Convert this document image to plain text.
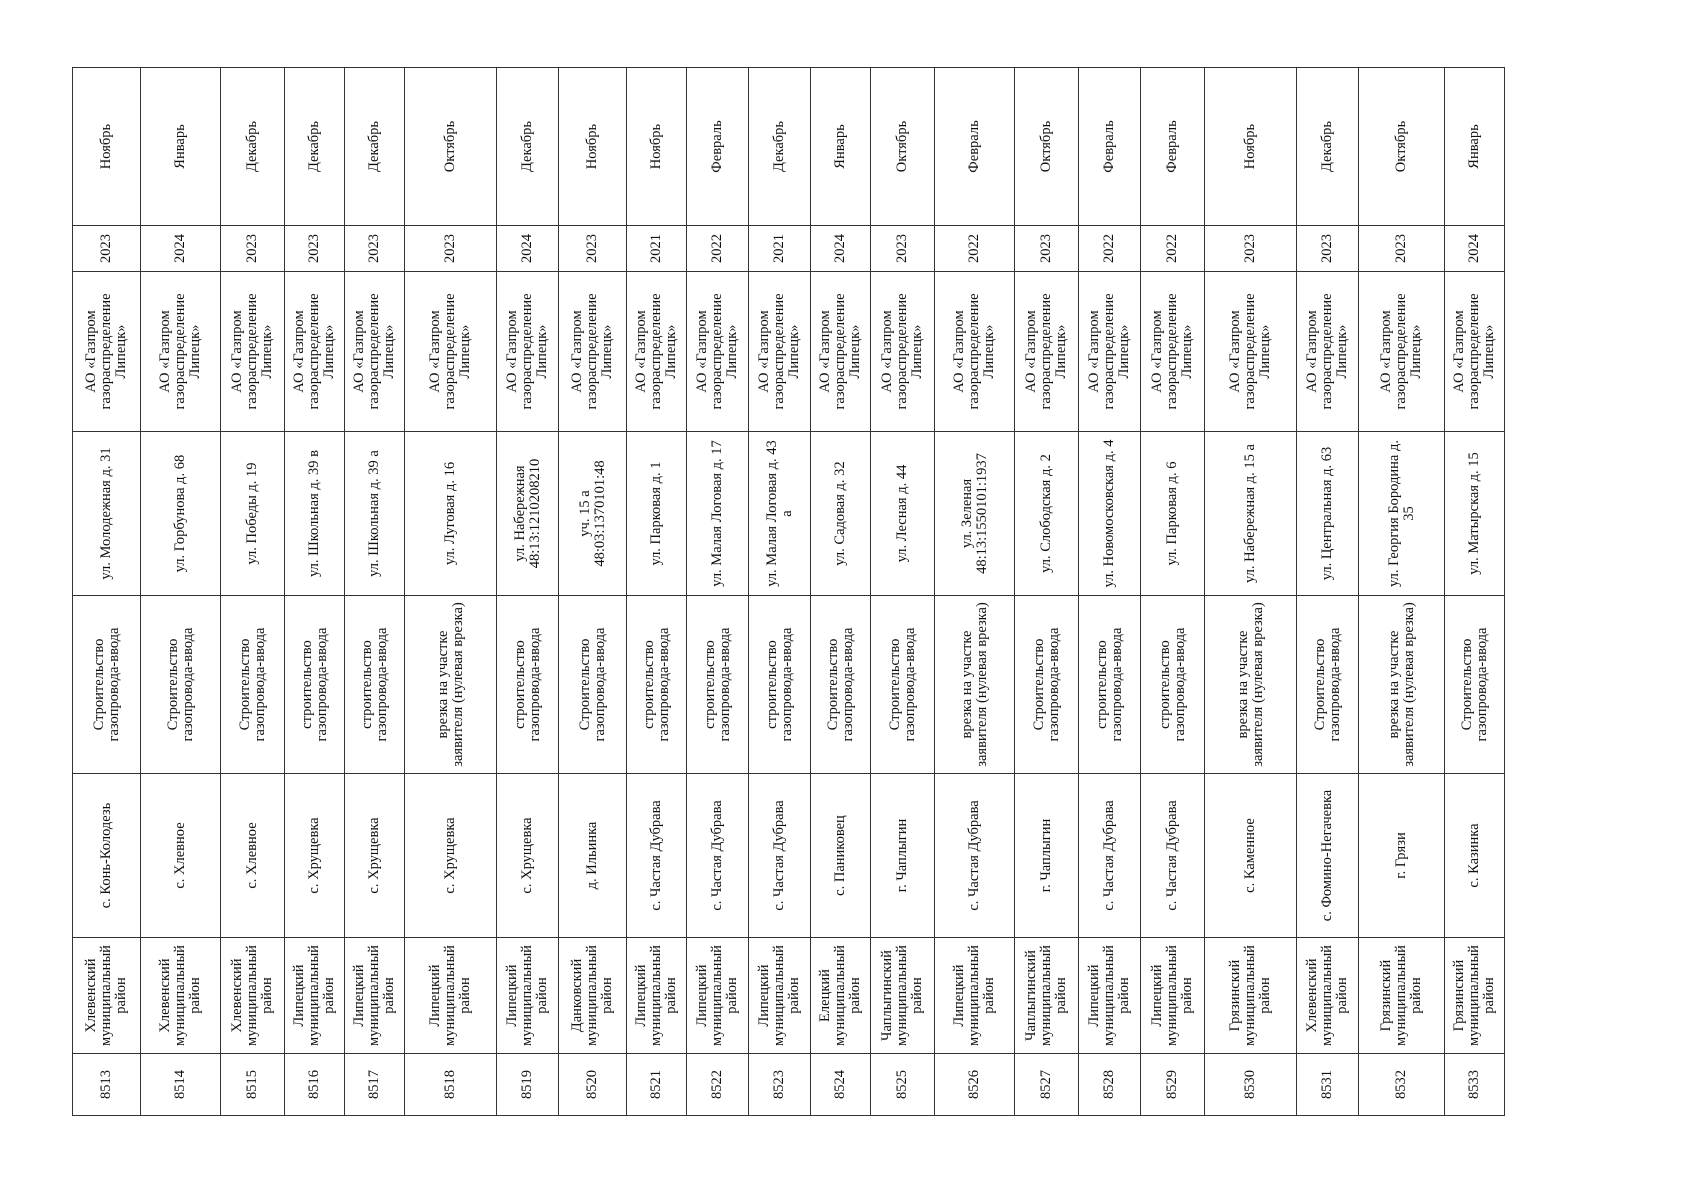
8513	Хлевенский муниципальный район	с. Конь-Колодезь	Строительство газопровода-ввода	ул. Молодежная д. 31	АО «Газпром газораспределение Липецк»	2023	Ноябрь
8514	Хлевенский муниципальный район	с. Хлевное	Строительство газопровода-ввода	ул. Горбунова д. 68	АО «Газпром газораспределение Липецк»	2024	Январь
8515	Хлевенский муниципальный район	с. Хлевное	Строительство газопровода-ввода	ул. Победы д. 19	АО «Газпром газораспределение Липецк»	2023	Декабрь
8516	Липецкий муниципальный район	с. Хрущевка	строительство газопровода-ввода	ул. Школьная д. 39 в	АО «Газпром газораспределение Липецк»	2023	Декабрь
8517	Липецкий муниципальный район	с. Хрущевка	строительство газопровода-ввода	ул. Школьная д. 39 а	АО «Газпром газораспределение Липецк»	2023	Декабрь
8518	Липецкий муниципальный район	с. Хрущевка	врезка на участке заявителя (нулевая врезка)	ул. Луговая д. 16	АО «Газпром газораспределение Липецк»	2023	Октябрь
8519	Липецкий муниципальный район	с. Хрущевка	строительство газопровода-ввода	ул. Набережная 48:13:1210208210	АО «Газпром газораспределение Липецк»	2024	Декабрь
8520	Данковский муниципальный район	д. Ильинка	Строительство газопровода-ввода	уч. 15 а 48:03:1370101:48	АО «Газпром газораспределение Липецк»	2023	Ноябрь
8521	Липецкий муниципальный район	с. Частая Дубрава	строительство газопровода-ввода	ул. Парковая д. 1	АО «Газпром газораспределение Липецк»	2021	Ноябрь
8522	Липецкий муниципальный район	с. Частая Дубрава	строительство газопровода-ввода	ул. Малая Логовая д. 17	АО «Газпром газораспределение Липецк»	2022	Февраль
8523	Липецкий муниципальный район	с. Частая Дубрава	строительство газопровода-ввода	ул. Малая Логовая д. 43 а	АО «Газпром газораспределение Липецк»	2021	Декабрь
8524	Елецкий муниципальный район	с. Паниковец	Строительство газопровода-ввода	ул. Садовая д. 32	АО «Газпром газораспределение Липецк»	2024	Январь
8525	Чаплыгинский муниципальный район	г. Чаплыгин	Строительство газопровода-ввода	ул. Лесная д. 44	АО «Газпром газораспределение Липецк»	2023	Октябрь
8526	Липецкий муниципальный район	с. Частая Дубрава	врезка на участке заявителя (нулевая врезка)	ул. Зеленая 48:13:1550101:1937	АО «Газпром газораспределение Липецк»	2022	Февраль
8527	Чаплыгинский муниципальный район	г. Чаплыгин	Строительство газопровода-ввода	ул. Слободская д. 2	АО «Газпром газораспределение Липецк»	2023	Октябрь
8528	Липецкий муниципальный район	с. Частая Дубрава	строительство газопровода-ввода	ул. Новомосковская д. 4	АО «Газпром газораспределение Липецк»	2022	Февраль
8529	Липецкий муниципальный район	с. Частая Дубрава	строительство газопровода-ввода	ул. Парковая д. 6	АО «Газпром газораспределение Липецк»	2022	Февраль
8530	Грязинский муниципальный район	с. Каменное	врезка на участке заявителя (нулевая врезка)	ул. Набережная д. 15 а	АО «Газпром газораспределение Липецк»	2023	Ноябрь
8531	Хлевенский муниципальный район	с. Фомино-Негачевка	Строительство газопровода-ввода	ул. Центральная д. 63	АО «Газпром газораспределение Липецк»	2023	Декабрь
8532	Грязинский муниципальный район	г. Грязи	врезка на участке заявителя (нулевая врезка)	ул. Георгия Бородина д. 35	АО «Газпром газораспределение Липецк»	2023	Октябрь
8533	Грязинский муниципальный район	с. Казинка	Строительство газопровода-ввода	ул. Матырская д. 15	АО «Газпром газораспределение Липецк»	2024	Январь
